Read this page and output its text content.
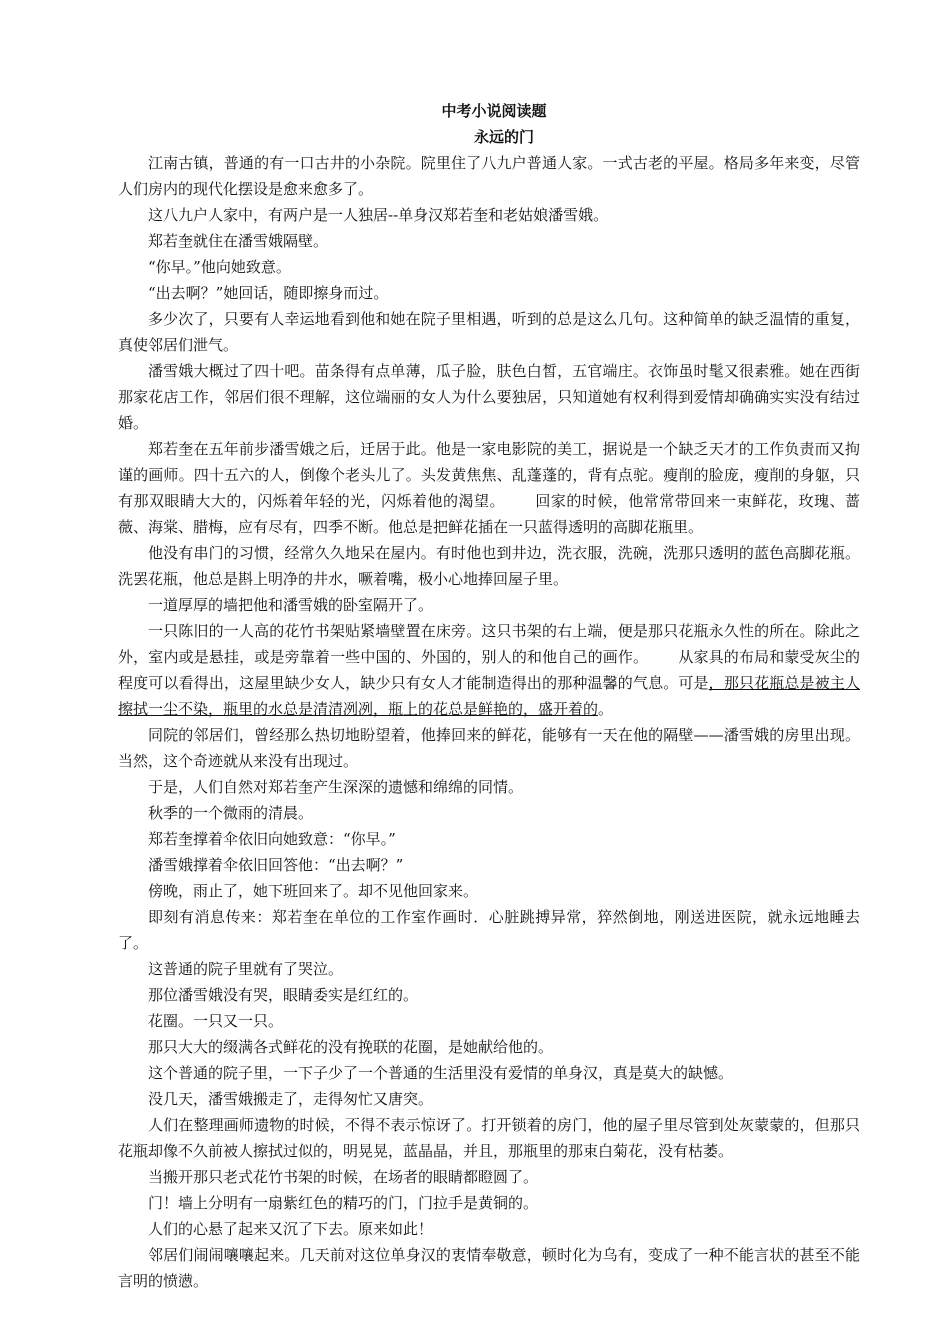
中考小说阅读题
永远的门

江南古镇，普通的有一口古井的小杂院。院里住了八九户普通人家。一式古老的平屋。格局多年来变，尽管人们房内的现代化摆设是愈来愈多了。

这八九户人家中，有两户是一人独居--单身汉郑若奎和老姑娘潘雪娥。

郑若奎就住在潘雪娥隔壁。

“你早。”他向她致意。

“出去啊？”她回话，随即擦身而过。

多少次了，只要有人幸运地看到他和她在院子里相遇，听到的总是这么几句。这种简单的缺乏温情的重复，真使邻居们泄气。

潘雪娥大概过了四十吧。苗条得有点单薄，瓜子脸，肤色白皙，五官端庄。衣饰虽时髦又很素雅。她在西街那家花店工作，邻居们很不理解，这位端丽的女人为什么要独居，只知道她有权利得到爱情却确确实实没有结过婚。

郑若奎在五年前步潘雪娥之后，迁居于此。他是一家电影院的美工，据说是一个缺乏天才的工作负责而又拘谨的画师。四十五六的人，倒像个老头儿了。头发黄焦焦、乱蓬蓬的，背有点驼。瘦削的脸庞，瘦削的身躯，只有那双眼睛大大的，闪烁着年轻的光，闪烁着他的渴望。 回家的时候，他常常带回来一束鲜花，玫瑰、蔷薇、海棠、腊梅，应有尽有，四季不断。他总是把鲜花插在一只蓝得透明的高脚花瓶里。

他没有串门的习惯，经常久久地呆在屋内。有时他也到井边，洗衣服，洗碗，洗那只透明的蓝色高脚花瓶。洗罢花瓶，他总是斟上明净的井水，噘着嘴，极小心地捧回屋子里。

一道厚厚的墙把他和潘雪娥的卧室隔开了。

一只陈旧的一人高的花竹书架贴紧墙壁置在床旁。这只书架的右上端，便是那只花瓶永久性的所在。除此之外，室内或是悬挂，或是旁靠着一些中国的、外国的，别人的和他自己的画作。 从家具的布局和蒙受灰尘的程度可以看得出，这屋里缺少女人，缺少只有女人才能制造得出的那种温馨的气息。可是，那只花瓶总是被主人擦拭一尘不染，瓶里的水总是清清冽冽，瓶上的花总是鲜艳的，盛开着的。

同院的邻居们，曾经那么热切地盼望着，他捧回来的鲜花，能够有一天在他的隔壁——潘雪娥的房里出现。当然，这个奇迹就从来没有出现过。

于是，人们自然对郑若奎产生深深的遗憾和绵绵的同情。

秋季的一个微雨的清晨。

郑若奎撑着伞依旧向她致意：“你早。”

潘雪娥撑着伞依旧回答他：“出去啊？”

傍晚，雨止了，她下班回来了。却不见他回家来。

即刻有消息传来：郑若奎在单位的工作室作画时．心脏跳搏异常，猝然倒地，刚送进医院，就永远地睡去了。

这普通的院子里就有了哭泣。

那位潘雪娥没有哭，眼睛委实是红红的。

花圈。一只又一只。

那只大大的缀满各式鲜花的没有挽联的花圈，是她献给他的。

这个普通的院子里，一下子少了一个普通的生活里没有爱情的单身汉，真是莫大的缺憾。

没几天，潘雪娥搬走了，走得匆忙又唐突。

人们在整理画师遗物的时候，不得不表示惊讶了。打开锁着的房门，他的屋子里尽管到处灰蒙蒙的，但那只花瓶却像不久前被人擦拭过似的，明晃晃，蓝晶晶，并且，那瓶里的那束白菊花，没有枯萎。

当搬开那只老式花竹书架的时候，在场者的眼睛都瞪圆了。

门！墙上分明有一扇紫红色的精巧的门，门拉手是黄铜的。

人们的心悬了起来又沉了下去。原来如此！

邻居们闹闹嚷嚷起来。几天前对这位单身汉的衷情奉敬意，顿时化为乌有，变成了一种不能言状的甚至不能言明的愤懑。
